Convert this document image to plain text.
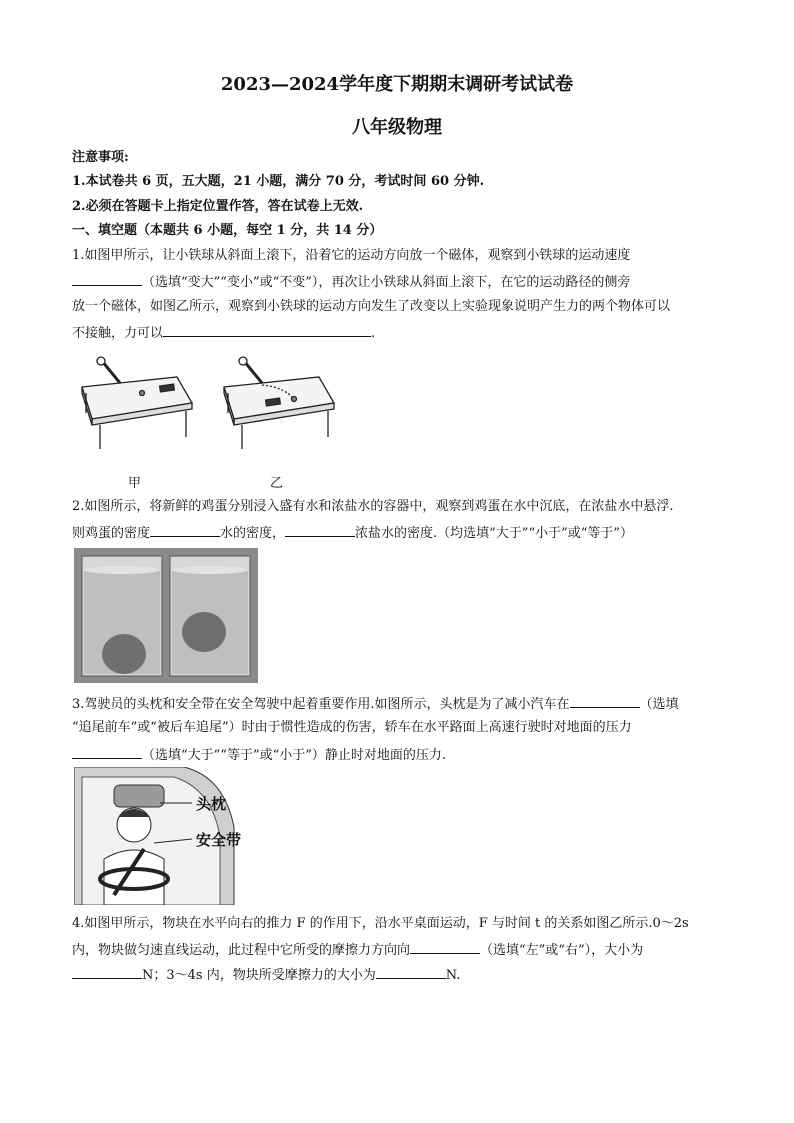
2023—2024学年度下期期末调研考试试卷
八年级物理
注意事项:
1.本试卷共 6 页，五大题，21 小题，满分 70 分，考试时间 60 分钟.
2.必须在答题卡上指定位置作答，答在试卷上无效.
一、填空题（本题共 6 小题，每空 1 分，共 14 分）
1.如图甲所示，让小铁球从斜面上滚下，沿着它的运动方向放一个磁体，观察到小铁球的运动速度
（选填“变大”“变小”或“不变”），再次让小铁球从斜面上滚下，在它的运动路径的侧旁
放一个磁体，如图乙所示，观察到小铁球的运动方向发生了改变以上实验现象说明产生力的两个物体可以
不接触，力可以	.
甲	乙
2.如图所示，将新鲜的鸡蛋分别浸入盛有水和浓盐水的容器中，观察到鸡蛋在水中沉底，在浓盐水中悬浮.
则鸡蛋的密度	水的密度，	浓盐水的密度.（均选填“大于”“小于”或“等于”）
3.驾驶员的头枕和安全带在安全驾驶中起着重要作用.如图所示，头枕是为了减小汽车在	（选填
“追尾前车”或“被后车追尾”）时由于惯性造成的伤害，轿车在水平路面上高速行驶时对地面的压力
（选填“大于”“等于”或“小于”）静止时对地面的压力.
头枕
安全带
4.如图甲所示，物块在水平向右的推力 F 的作用下，沿水平桌面运动，F 与时间 t 的关系如图乙所示.0～2s
内，物块做匀速直线运动，此过程中它所受的摩擦力方向向	（选填“左”或“右”），大小为
N；3～4s 内，物块所受摩擦力的大小为	N.
